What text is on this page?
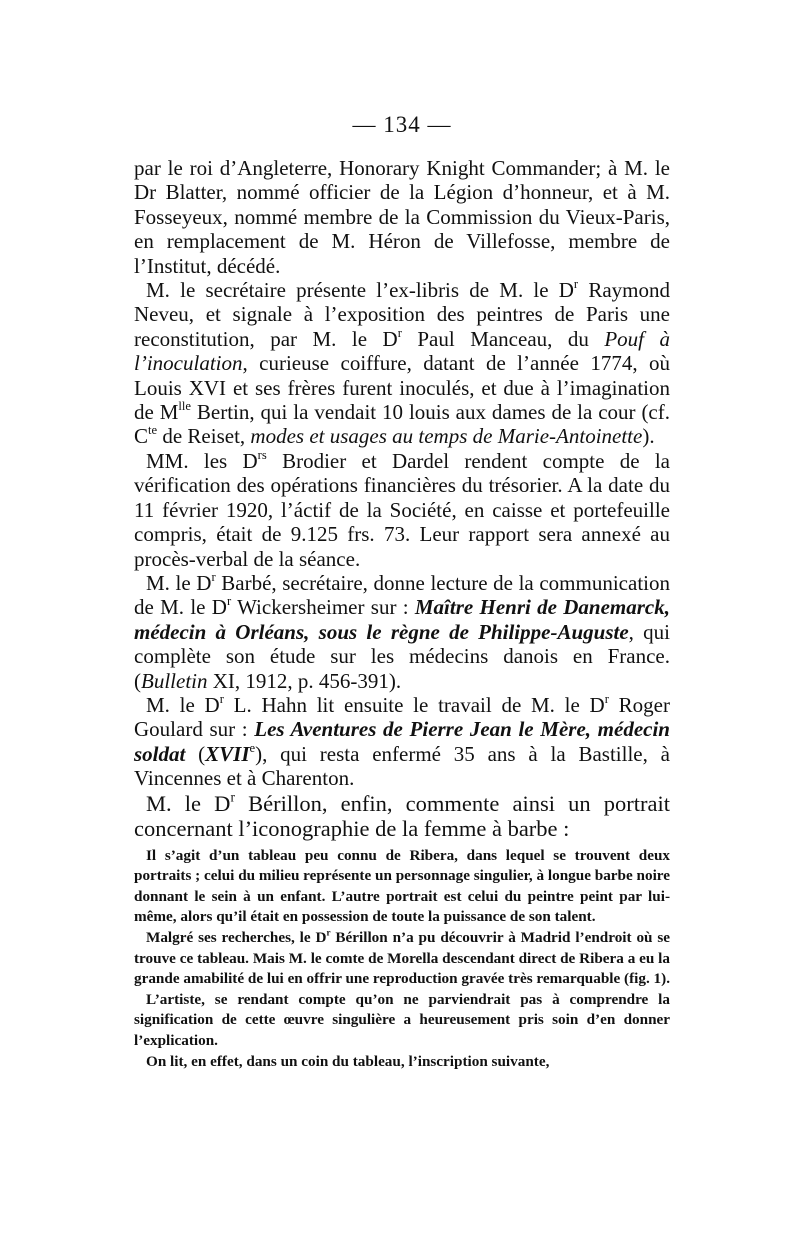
— 134 —

par le roi d’Angleterre, Honorary Knight Commander; à M. le Dr Blatter, nommé officier de la Légion d’honneur, et à M. Fosseyeux, nommé membre de la Commission du Vieux-Paris, en remplacement de M. Héron de Villefosse, membre de l’Institut, décédé.

M. le secrétaire présente l’ex-libris de M. le $D^r$ Raymond Neveu, et signale à l’exposition des peintres de Paris une reconstitution, par M. le $D^r$ Paul Manceau, du Pouf à l’inoculation, curieuse coiffure, datant de l’année 1774, où Louis XVI et ses frères furent inoculés, et due à l’imagination de $M^{lle}$ Bertin, qui la vendait 10 louis aux dames de la cour (cf. $C^{te}$ de Reiset, modes et usages au temps de Marie-Antoinette).

MM. les $D^{rs}$ Brodier et Dardel rendent compte de la vérification des opérations financières du trésorier. A la date du 11 février 1920, l’áctif de la Société, en caisse et portefeuille compris, était de 9.125 frs. 73. Leur rapport sera annexé au procès-verbal de la séance.

M. le $D^r$ Barbé, secrétaire, donne lecture de la communication de M. le $D^r$ Wickersheimer sur : Maître Henri de Danemarck, médecin à Orléans, sous le règne de Philippe-Auguste, qui complète son étude sur les médecins danois en France. (Bulletin XI, 1912, p. 456-391).

M. le $D^r$ L. Hahn lit ensuite le travail de M. le $D^r$ Roger Goulard sur : Les Aventures de Pierre Jean le Mère, médecin soldat (XVIIe), qui resta enfermé 35 ans à la Bastille, à Vincennes et à Charenton.

M. le $D^r$ Bérillon, enfin, commente ainsi un portrait concernant l’iconographie de la femme à barbe :

Il s’agit d’un tableau peu connu de Ribera, dans lequel se trouvent deux portraits ; celui du milieu représente un personnage singulier, à longue barbe noire donnant le sein à un enfant. L’autre portrait est celui du peintre peint par lui-même, alors qu’il était en possession de toute la puissance de son talent.

Malgré ses recherches, le $D^r$ Bérillon n’a pu découvrir à Madrid l’endroit où se trouve ce tableau. Mais M. le comte de Morella descendant direct de Ribera a eu la grande amabilité de lui en offrir une reproduction gravée très remarquable (fig. 1).

L’artiste, se rendant compte qu’on ne parviendrait pas à comprendre la signification de cette œuvre singulière a heureusement pris soin d’en donner l’explication.

On lit, en effet, dans un coin du tableau, l’inscription suivante,
